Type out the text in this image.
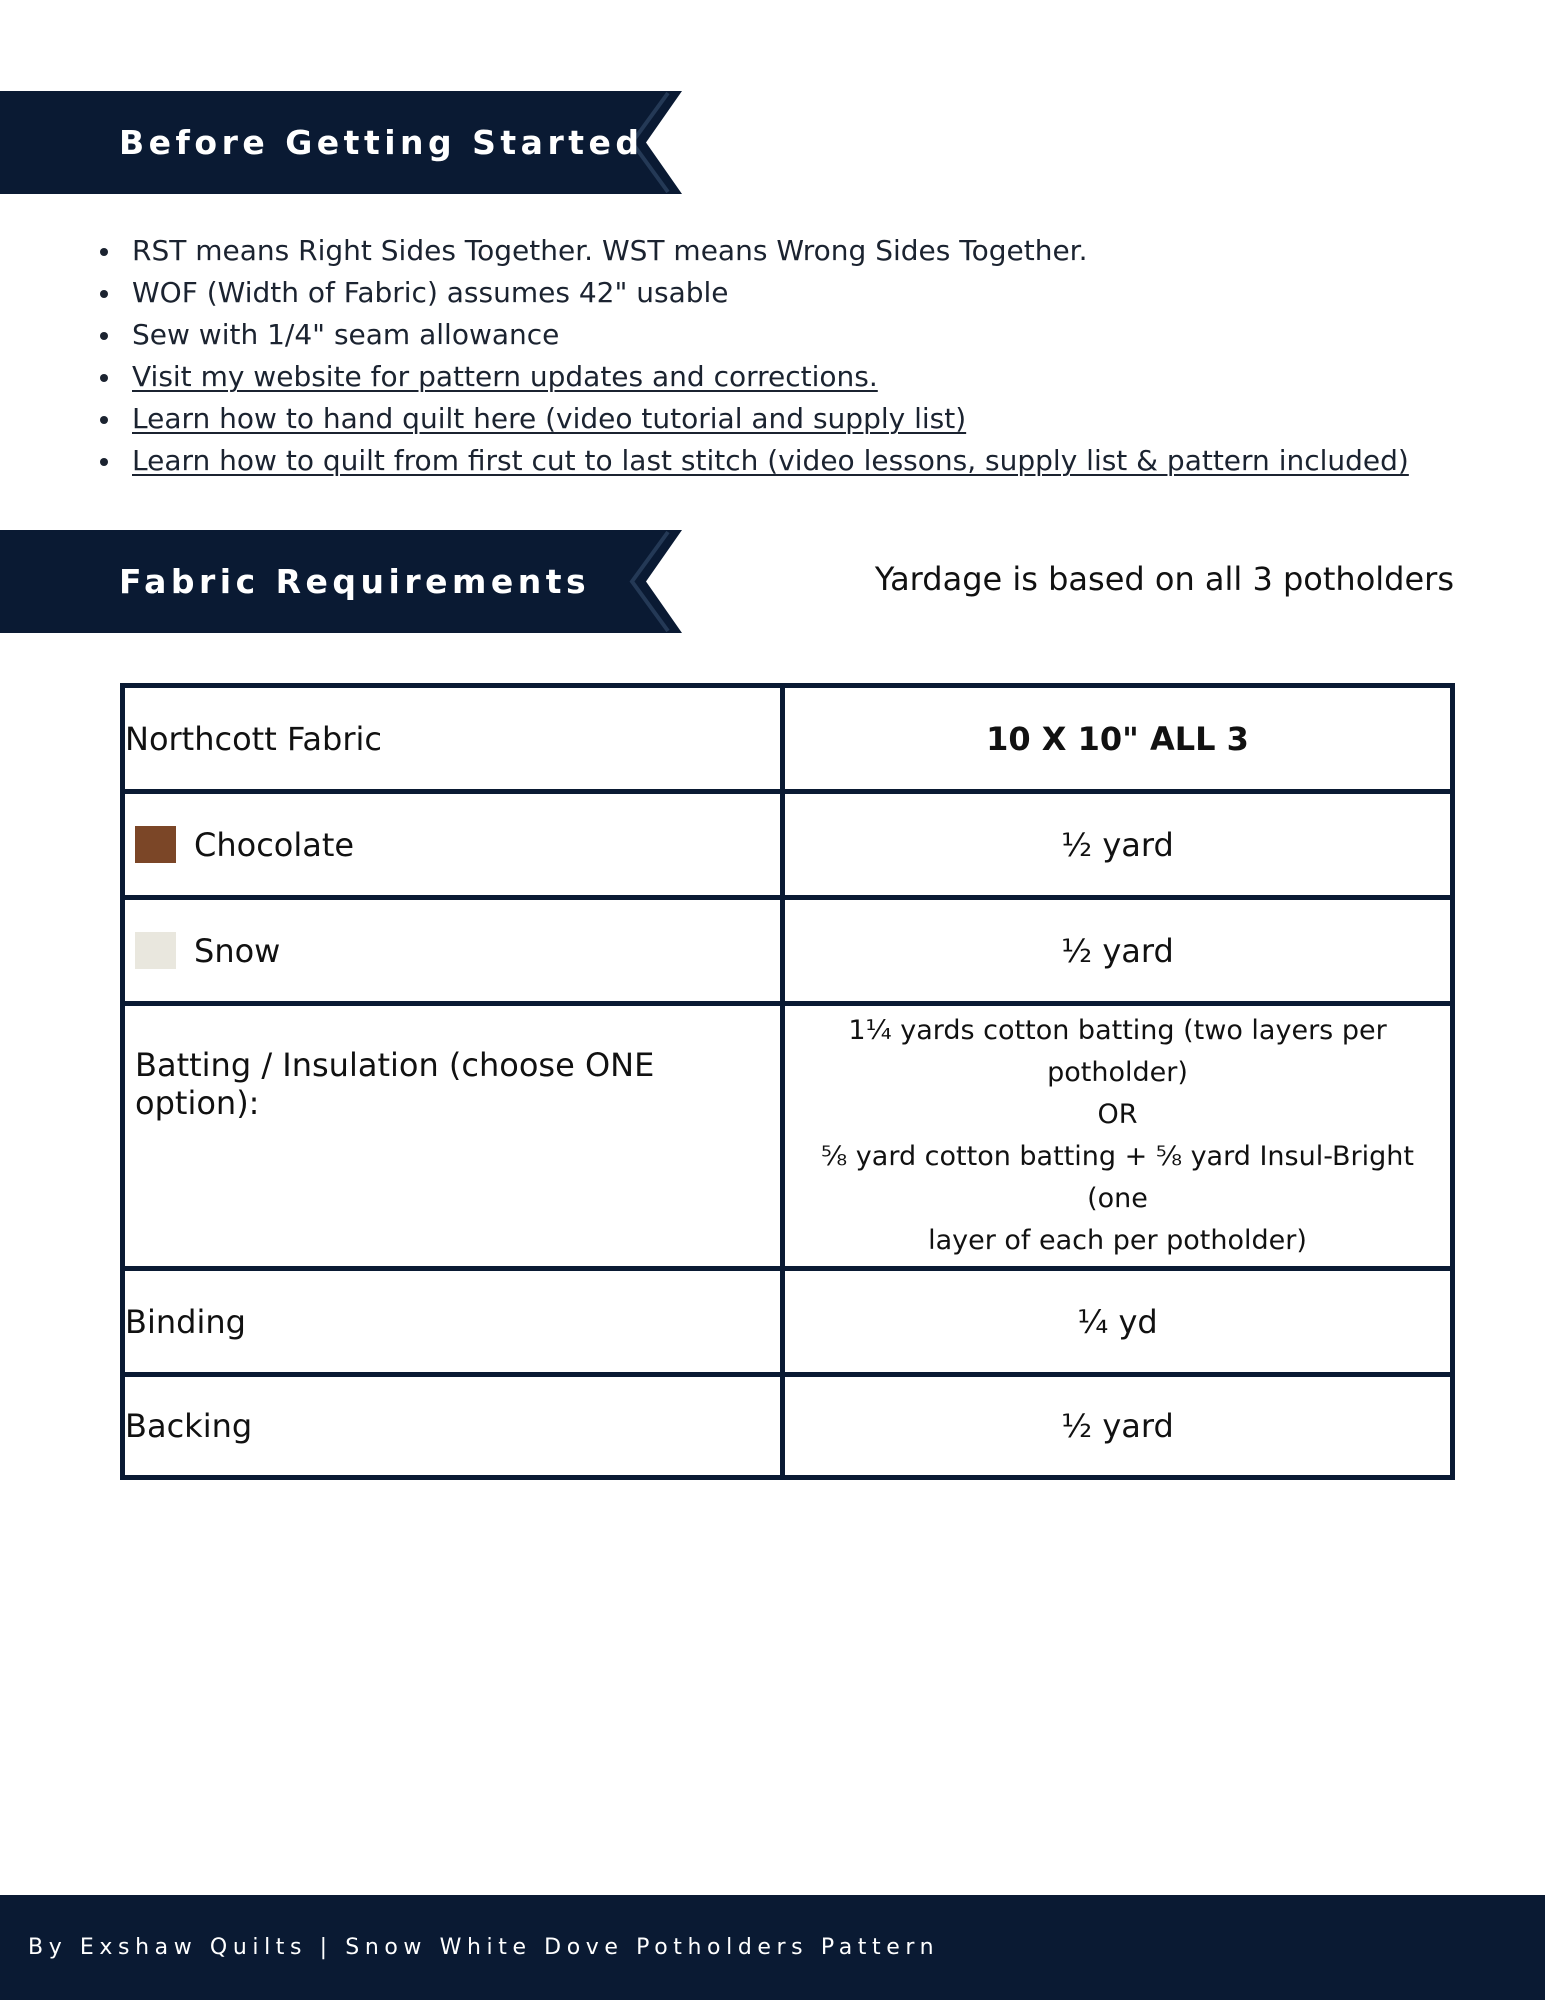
Before Getting Started
RST means Right Sides Together. WST means Wrong Sides Together.
WOF (Width of Fabric) assumes 42" usable
Sew with 1/4" seam allowance
Visit my website for pattern updates and corrections.
Learn how to hand quilt here (video tutorial and supply list)
Learn how to quilt from first cut to last stitch (video lessons, supply list & pattern included)
Fabric Requirements	Yardage is based on all 3 potholders
Northcott Fabric	10 X 10" ALL 3

Chocolate	½ yard

Snow	½ yard

Batting / Insulation (choose ONE option):	1¼ yards cotton batting (two layers per
potholder)
OR
⅝ yard cotton batting + ⅝ yard Insul-Bright (one
layer of each per potholder)

Binding	¼ yd
Backing	½ yard
By Exshaw Quilts | Snow White Dove Potholders Pattern
